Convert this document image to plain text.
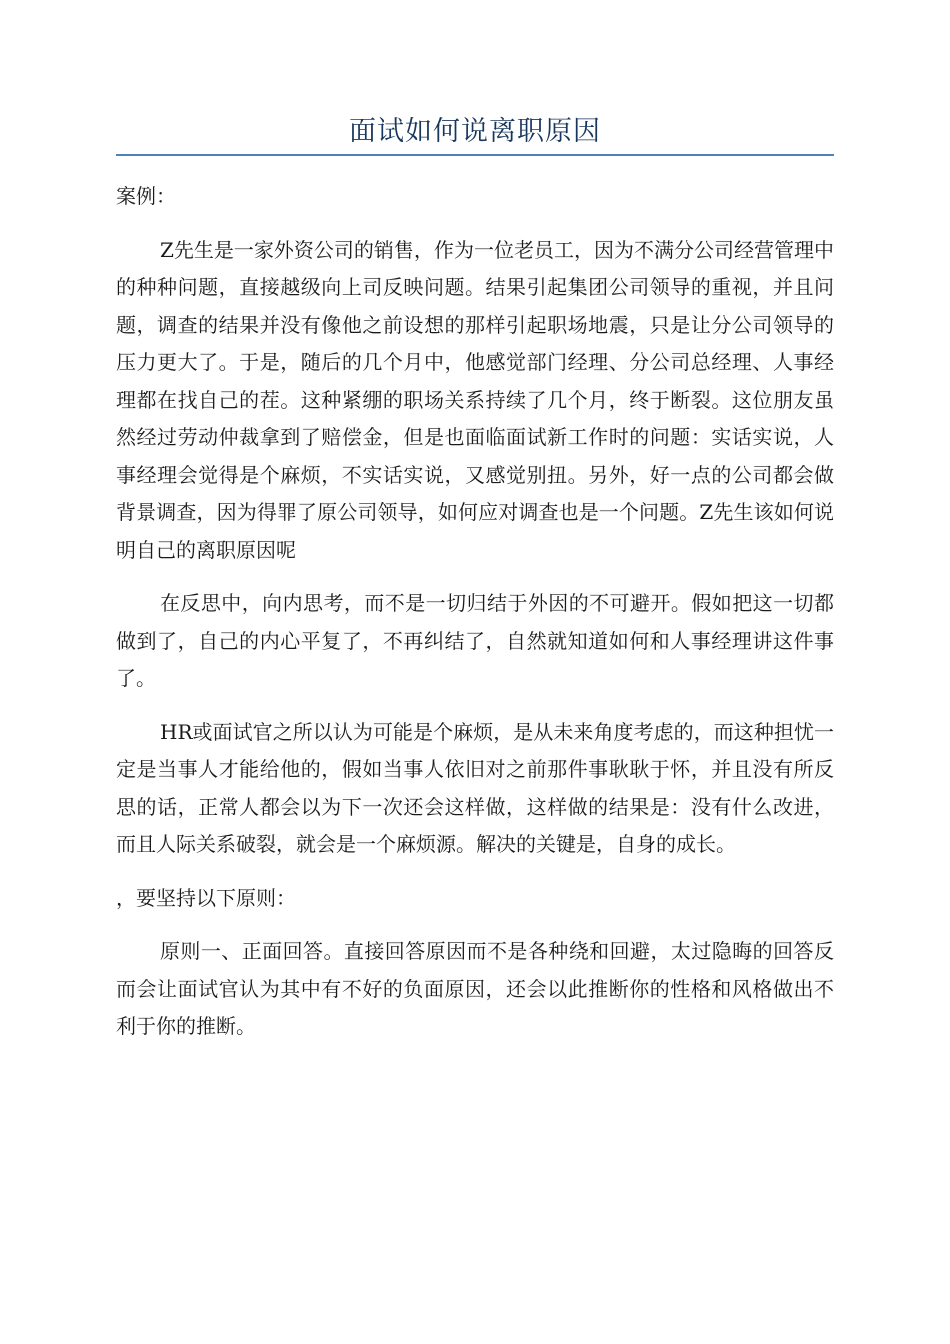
面试如何说离职原因

案例：

Z先生是一家外资公司的销售，作为一位老员工，因为不满分公司经营管理中的种种问题，直接越级向上司反映问题。结果引起集团公司领导的重视，并且问题，调查的结果并没有像他之前设想的那样引起职场地震，只是让分公司领导的压力更大了。于是，随后的几个月中，他感觉部门经理、分公司总经理、人事经理都在找自己的茬。这种紧绷的职场关系持续了几个月，终于断裂。这位朋友虽然经过劳动仲裁拿到了赔偿金，但是也面临面试新工作时的问题：实话实说，人事经理会觉得是个麻烦，不实话实说，又感觉别扭。另外，好一点的公司都会做背景调查，因为得罪了原公司领导，如何应对调查也是一个问题。Z先生该如何说明自己的离职原因呢

在反思中，向内思考，而不是一切归结于外因的不可避开。假如把这一切都做到了，自己的内心平复了，不再纠结了，自然就知道如何和人事经理讲这件事了。

HR或面试官之所以认为可能是个麻烦，是从未来角度考虑的，而这种担忧一定是当事人才能给他的，假如当事人依旧对之前那件事耿耿于怀，并且没有所反思的话，正常人都会以为下一次还会这样做，这样做的结果是：没有什么改进，而且人际关系破裂，就会是一个麻烦源。解决的关键是，自身的成长。

，要坚持以下原则：

原则一、正面回答。直接回答原因而不是各种绕和回避，太过隐晦的回答反而会让面试官认为其中有不好的负面原因，还会以此推断你的性格和风格做出不利于你的推断。
